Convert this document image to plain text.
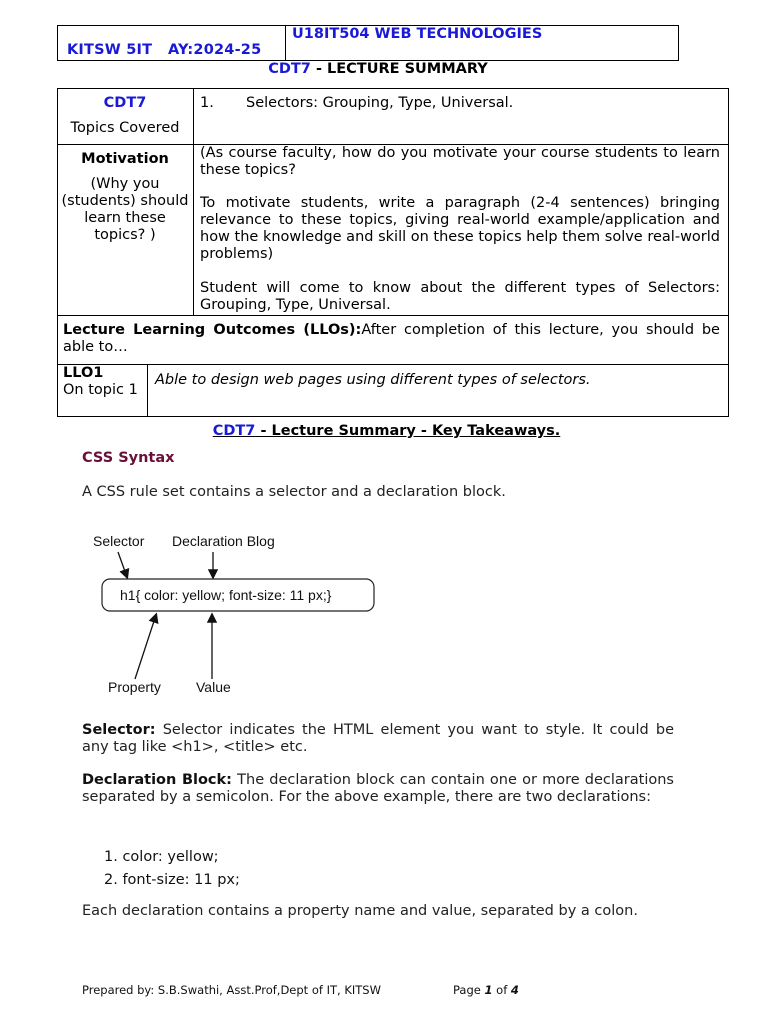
KITSW 5IT AY:2024-25
U18IT504 WEB TECHNOLOGIES
CDT7 - LECTURE SUMMARY
CDT7
Topics Covered
1. Selectors: Grouping, Type, Universal.
Motivation
(Why you (students) should learn these topics? )
(As course faculty, how do you motivate your course students to learn these topics?
To motivate students, write a paragraph (2-4 sentences) bringing relevance to these topics, giving real-world example/application and how the knowledge and skill on these topics help them solve real-world problems)
Student will come to know about the different types of Selectors: Grouping, Type, Universal.
Lecture Learning Outcomes (LLOs):After completion of this lecture, you should be able to…
LLO1
On topic 1
Able to design web pages using different types of selectors.
CDT7 - Lecture Summary - Key Takeaways.
CSS Syntax
A CSS rule set contains a selector and a declaration block.
Selector Declaration Blog
h1{ color: yellow; font-size: 11 px;}
Property	Value
Selector: Selector indicates the HTML element you want to style. It could be any tag like <h1>, <title> etc.
Declaration Block: The declaration block can contain one or more declarations separated by a semicolon. For the above example, there are two declarations:
1. color: yellow;
2. font-size: 11 px;
Each declaration contains a property name and value, separated by a colon.
Prepared by: S.B.Swathi, Asst.Prof,Dept of IT, KITSW	Page 1 of 4
